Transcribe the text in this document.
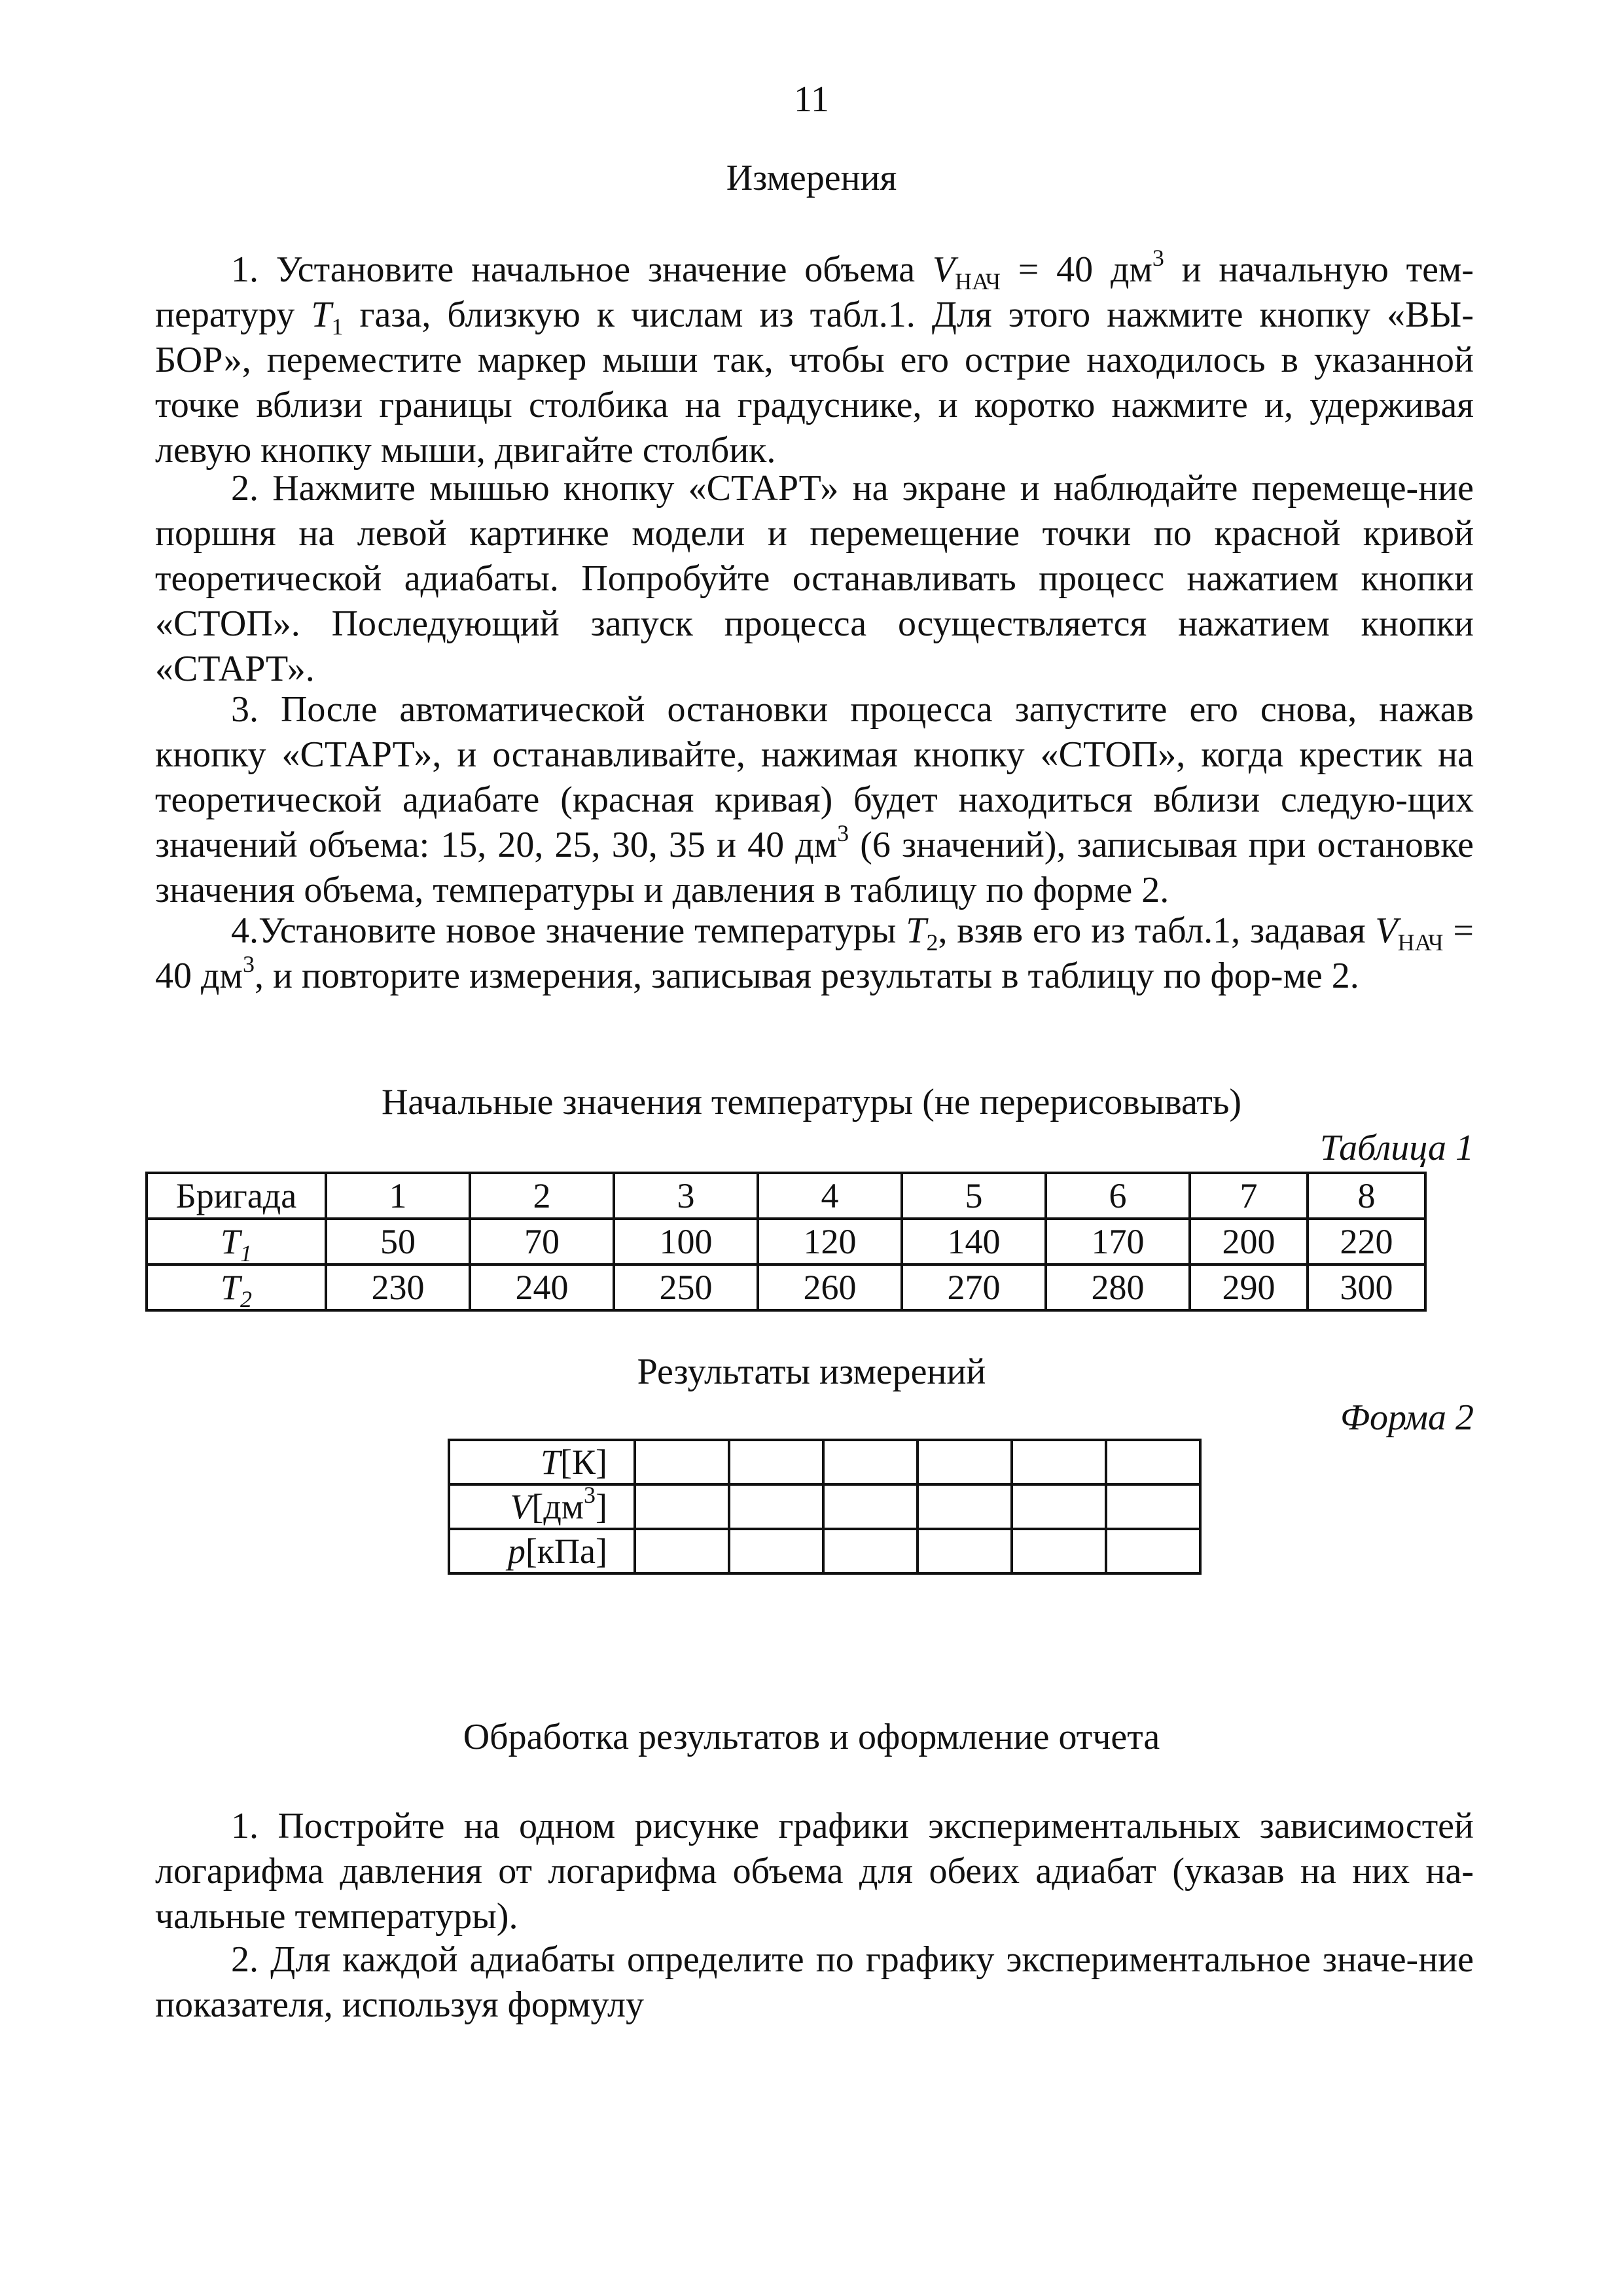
11
Измерения
1. Установите начальное значение объема $V_{НАЧ} = 40$ $дм^3$ и начальную тем-пературу $T_1$ газа, близкую к числам из табл.1. Для этого нажмите кнопку «ВЫ-БОР», переместите маркер мыши так, чтобы его острие находилось в указанной точке вблизи границы столбика на градуснике, и коротко нажмите и, удерживая левую кнопку мыши, двигайте столбик.
2. Нажмите мышью кнопку «СТАРТ» на экране и наблюдайте перемеще-ние поршня на левой картинке модели и перемещение точки по красной кривой теоретической адиабаты. Попробуйте останавливать процесс нажатием кнопки «СТОП». Последующий запуск процесса осуществляется нажатием кнопки «СТАРТ».
3. После автоматической остановки процесса запустите его снова, нажав кнопку «СТАРТ», и останавливайте, нажимая кнопку «СТОП», когда крестик на теоретической адиабате (красная кривая) будет находиться вблизи следую-щих значений объема: 15, 20, 25, 30, 35 и 40 $дм^3$ (6 значений), записывая при остановке значения объема, температуры и давления в таблицу по форме 2.
4.Установите новое значение температуры $T_2$, взяв его из табл.1, задавая $V_{НАЧ} = 40$ $дм^3$, и повторите измерения, записывая результаты в таблицу по фор-ме 2.
Начальные значения температуры (не перерисовывать)
Таблица 1
Бригада	1	2	3	4	5	6	7	8
$T_1$	50	70	100	120	140	170	200	220
$T_2$	230	240	250	260	270	280	290	300
Результаты измерений
Форма 2
T[К]						
$V[дм^3]$						
p[кПа]						
Обработка результатов и оформление отчета
1. Постройте на одном рисунке графики экспериментальных зависимостей логарифма давления от логарифма объема для обеих адиабат (указав на них на-чальные температуры).
2. Для каждой адиабаты определите по графику экспериментальное значе-ние показателя, используя формулу
